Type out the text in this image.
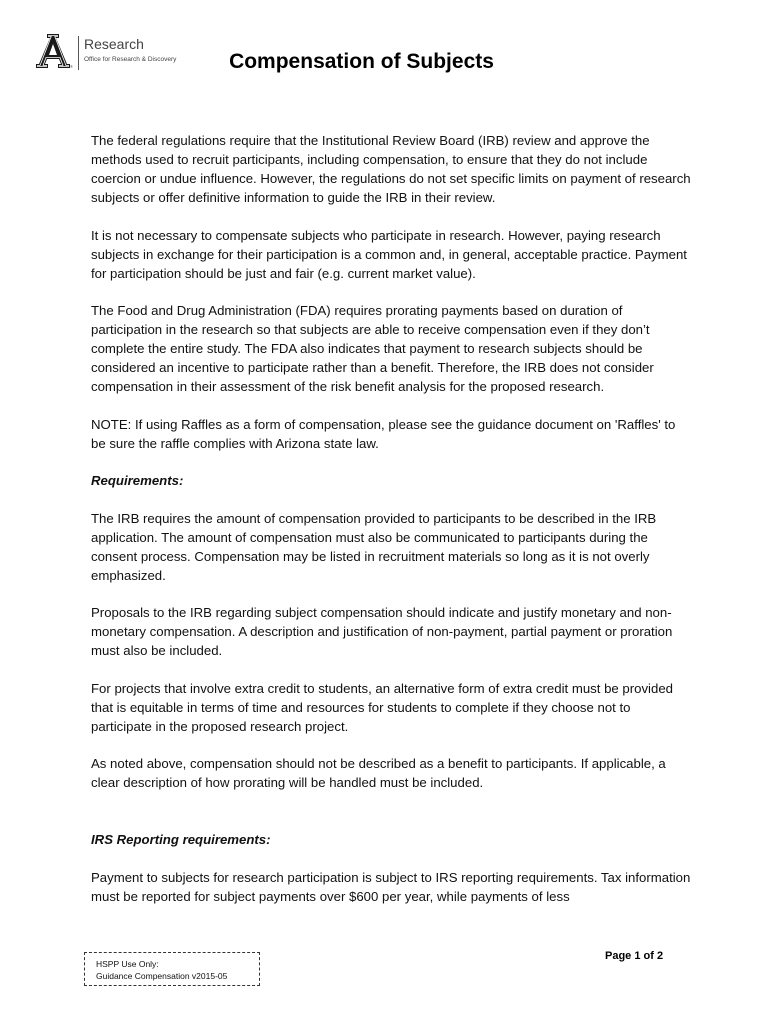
®
Research
Office for Research & Discovery	Compensation of Subjects

The federal regulations require that the Institutional Review Board (IRB) review and approve the methods used to recruit participants, including compensation, to ensure that they do not include coercion or undue influence. However, the regulations do not set specific limits on payment of research subjects or offer definitive information to guide the IRB in their review.

It is not necessary to compensate subjects who participate in research. However, paying research subjects in exchange for their participation is a common and, in general, acceptable practice. Payment for participation should be just and fair (e.g. current market value).

The Food and Drug Administration (FDA) requires prorating payments based on duration of participation in the research so that subjects are able to receive compensation even if they don’t complete the entire study. The FDA also indicates that payment to research subjects should be considered an incentive to participate rather than a benefit. Therefore, the IRB does not consider compensation in their assessment of the risk benefit analysis for the proposed research.

NOTE: If using Raffles as a form of compensation, please see the guidance document on 'Raffles' to be sure the raffle complies with Arizona state law.

Requirements:

The IRB requires the amount of compensation provided to participants to be described in the IRB application. The amount of compensation must also be communicated to participants during the consent process. Compensation may be listed in recruitment materials so long as it is not overly emphasized.

Proposals to the IRB regarding subject compensation should indicate and justify monetary and non-monetary compensation. A description and justification of non-payment, partial payment or proration must also be included.

For projects that involve extra credit to students, an alternative form of extra credit must be provided that is equitable in terms of time and resources for students to complete if they choose not to participate in the proposed research project.

As noted above, compensation should not be described as a benefit to participants. If applicable, a clear description of how prorating will be handled must be included.

IRS Reporting requirements:

Payment to subjects for research participation is subject to IRS reporting requirements. Tax information must be reported for subject payments over $600 per year, while payments of less

Page 1 of 2
HSPP Use Only:
Guidance Compensation v2015-05
